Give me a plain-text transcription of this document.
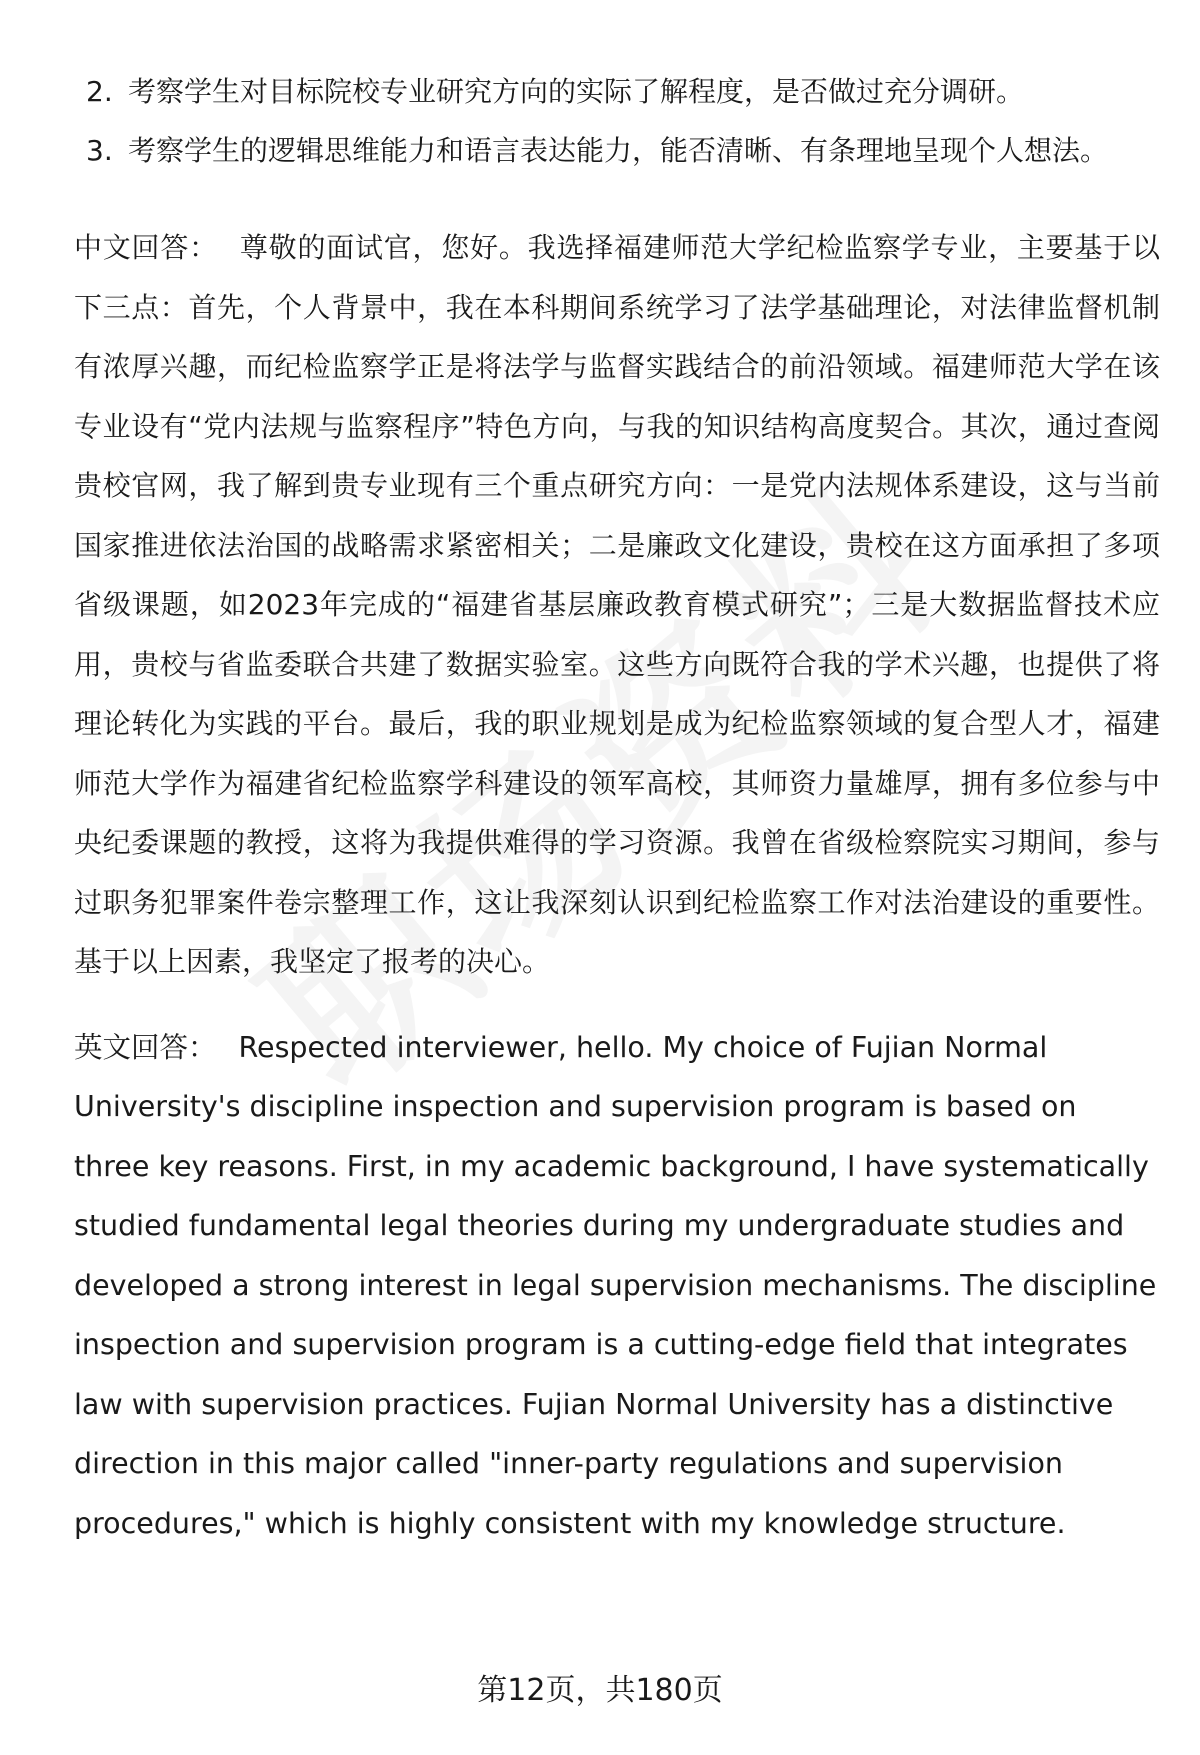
2. 考察学生对目标院校专业研究方向的实际了解程度，是否做过充分调研。
3. 考察学生的逻辑思维能力和语言表达能力，能否清晰、有条理地呈现个人想法。

中文回答： 尊敬的面试官，您好。我选择福建师范大学纪检监察学专业，主要基于以下三点：首先，个人背景中，我在本科期间系统学习了法学基础理论，对法律监督机制有浓厚兴趣，而纪检监察学正是将法学与监督实践结合的前沿领域。福建师范大学在该专业设有“党内法规与监察程序”特色方向，与我的知识结构高度契合。其次，通过查阅贵校官网，我了解到贵专业现有三个重点研究方向：一是党内法规体系建设，这与当前国家推进依法治国的战略需求紧密相关；二是廉政文化建设，贵校在这方面承担了多项省级课题，如2023年完成的“福建省基层廉政教育模式研究”；三是大数据监督技术应用，贵校与省监委联合共建了数据实验室。这些方向既符合我的学术兴趣，也提供了将理论转化为实践的平台。最后，我的职业规划是成为纪检监察领域的复合型人才，福建师范大学作为福建省纪检监察学科建设的领军高校，其师资力量雄厚，拥有多位参与中央纪委课题的教授，这将为我提供难得的学习资源。我曾在省级检察院实习期间，参与过职务犯罪案件卷宗整理工作，这让我深刻认识到纪检监察工作对法治建设的重要性。基于以上因素，我坚定了报考的决心。

英文回答： Respected interviewer, hello. My choice of Fujian Normal University's discipline inspection and supervision program is based on three key reasons. First, in my academic background, I have systematically studied fundamental legal theories during my undergraduate studies and developed a strong interest in legal supervision mechanisms. The discipline inspection and supervision program is a cutting-edge field that integrates law with supervision practices. Fujian Normal University has a distinctive direction in this major called "inner-party regulations and supervision procedures," which is highly consistent with my knowledge structure.

第12页，共180页
